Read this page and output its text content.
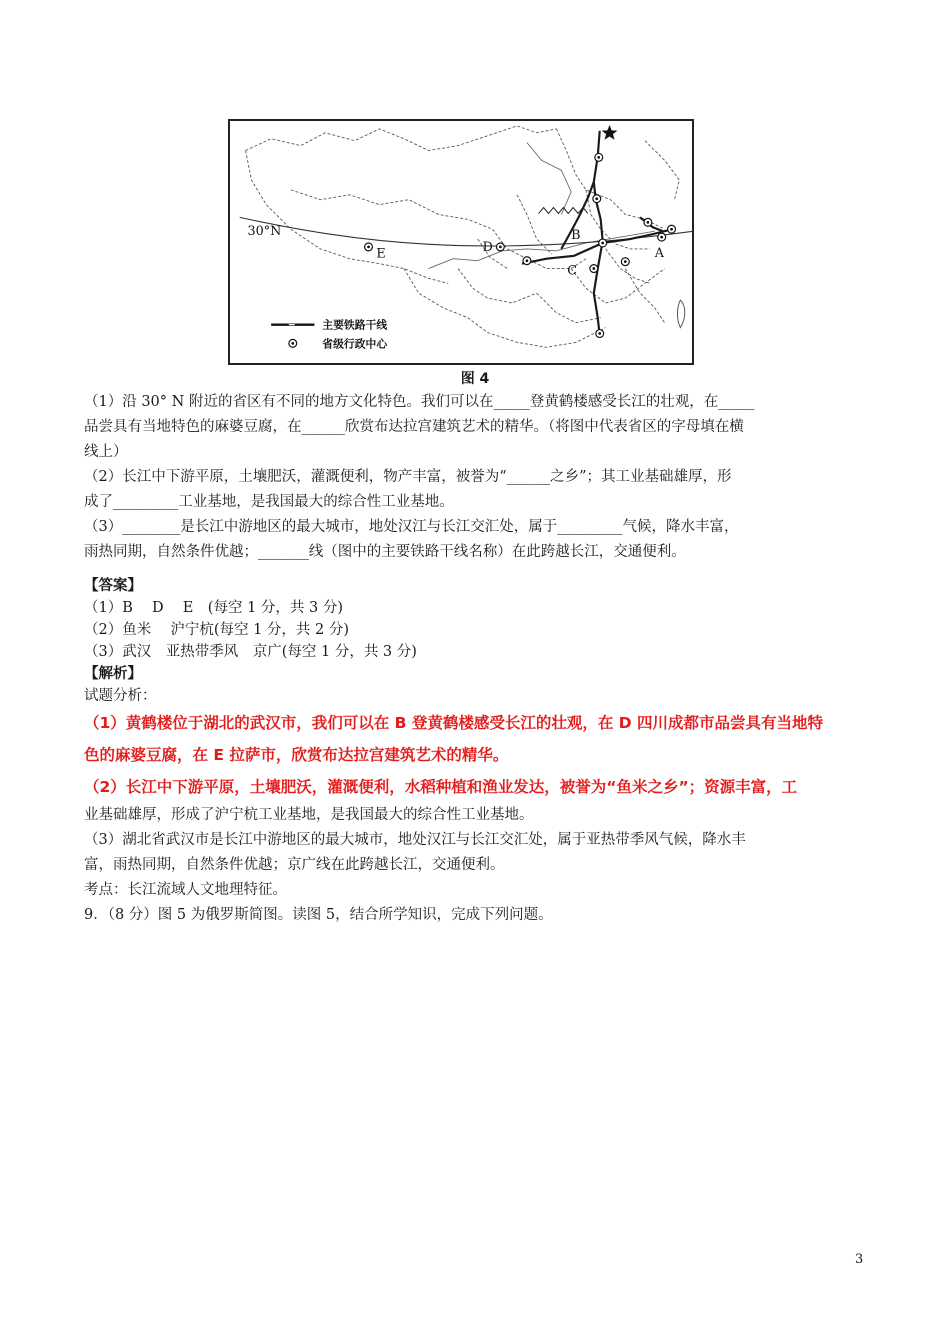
30°N
A
B
C
D
E
主要铁路干线
省级行政中心
图 4
（1）沿 30° N 附近的省区有不同的地方文化特色。我们可以在_____登黄鹤楼感受长江的壮观，在_____
品尝具有当地特色的麻婆豆腐，在______欣赏布达拉宫建筑艺术的精华。（将图中代表省区的字母填在横
线上）
（2）长江中下游平原，土壤肥沃，灌溉便利，物产丰富，被誉为“______之乡”；其工业基础雄厚，形
成了_________工业基地，是我国最大的综合性工业基地。
（3）________是长江中游地区的最大城市，地处汉江与长江交汇处，属于_________气候，降水丰富，
雨热同期，自然条件优越；_______线（图中的主要铁路干线名称）在此跨越长江，交通便利。
【答案】
（1）B　 D　 E　(每空 1 分，共 3 分)
（2）鱼米　 沪宁杭(每空 1 分，共 2 分)
（3）武汉　亚热带季风　京广(每空 1 分，共 3 分)
【解析】
试题分析：
（1）黄鹤楼位于湖北的武汉市，我们可以在 B 登黄鹤楼感受长江的壮观，在 D 四川成都市品尝具有当地特
色的麻婆豆腐，在 E 拉萨市，欣赏布达拉宫建筑艺术的精华。
（2）长江中下游平原，土壤肥沃，灌溉便利，水稻种植和渔业发达，被誉为“鱼米之乡”；资源丰富，工
业基础雄厚，形成了沪宁杭工业基地，是我国最大的综合性工业基地。
（3）湖北省武汉市是长江中游地区的最大城市，地处汉江与长江交汇处，属于亚热带季风气候，降水丰
富，雨热同期，自然条件优越；京广线在此跨越长江，交通便利。
考点：长江流域人文地理特征。
9．（8 分）图 5 为俄罗斯简图。读图 5，结合所学知识，完成下列问题。
3
